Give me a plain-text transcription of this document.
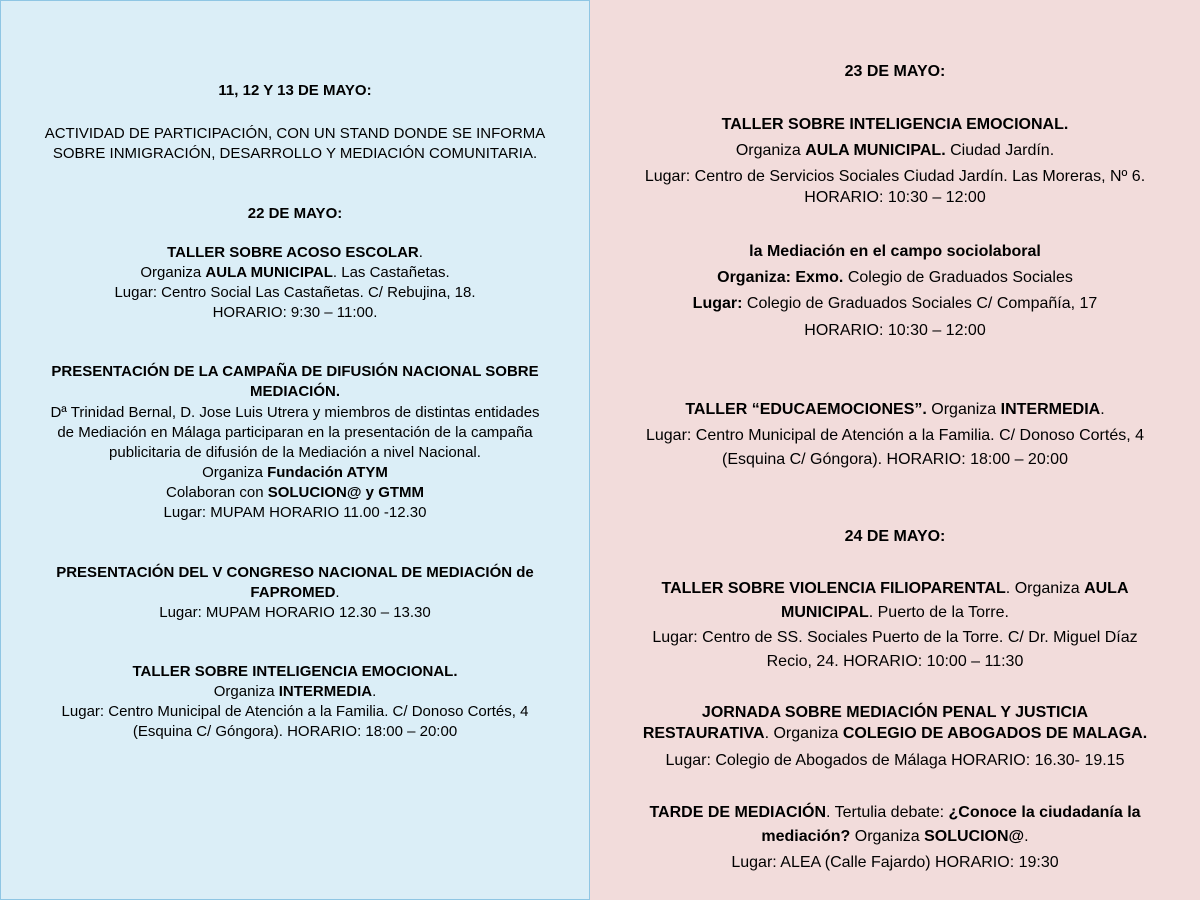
11, 12 Y 13 DE MAYO:
ACTIVIDAD DE PARTICIPACIÓN, CON UN STAND DONDE SE INFORMA
SOBRE INMIGRACIÓN, DESARROLLO Y MEDIACIÓN COMUNITARIA.
22 DE MAYO:
TALLER SOBRE ACOSO ESCOLAR.
Organiza AULA MUNICIPAL. Las Castañetas.
Lugar: Centro Social Las Castañetas. C/ Rebujina, 18.
HORARIO: 9:30 – 11:00.
PRESENTACIÓN DE LA CAMPAÑA DE DIFUSIÓN NACIONAL SOBRE
MEDIACIÓN.
Dª Trinidad Bernal, D. Jose Luis Utrera y miembros de distintas entidades
de Mediación en Málaga participaran en la presentación de la campaña
publicitaria de difusión de la Mediación a nivel Nacional.
Organiza Fundación ATYM
Colaboran con SOLUCION@ y GTMM
Lugar: MUPAM HORARIO 11.00 -12.30
PRESENTACIÓN DEL V CONGRESO NACIONAL DE MEDIACIÓN de
FAPROMED.
Lugar: MUPAM HORARIO 12.30 – 13.30
TALLER SOBRE INTELIGENCIA EMOCIONAL.
Organiza INTERMEDIA.
Lugar: Centro Municipal de Atención a la Familia. C/ Donoso Cortés, 4
(Esquina C/ Góngora). HORARIO: 18:00 – 20:00
23 DE MAYO:
TALLER SOBRE INTELIGENCIA EMOCIONAL.
Organiza AULA MUNICIPAL. Ciudad Jardín.
Lugar: Centro de Servicios Sociales Ciudad Jardín. Las Moreras, Nº 6.
HORARIO: 10:30 – 12:00
la Mediación en el campo sociolaboral
Organiza: Exmo. Colegio de Graduados Sociales
Lugar: Colegio de Graduados Sociales C/ Compañía, 17
HORARIO: 10:30 – 12:00
TALLER “EDUCAEMOCIONES”. Organiza INTERMEDIA.
Lugar: Centro Municipal de Atención a la Familia. C/ Donoso Cortés, 4
(Esquina C/ Góngora). HORARIO: 18:00 – 20:00
24 DE MAYO:
TALLER SOBRE VIOLENCIA FILIOPARENTAL. Organiza AULA
MUNICIPAL. Puerto de la Torre.
Lugar: Centro de SS. Sociales Puerto de la Torre. C/ Dr. Miguel Díaz
Recio, 24. HORARIO: 10:00 – 11:30
JORNADA SOBRE MEDIACIÓN PENAL Y JUSTICIA
RESTAURATIVA. Organiza COLEGIO DE ABOGADOS DE MALAGA.
Lugar: Colegio de Abogados de Málaga HORARIO: 16.30- 19.15
TARDE DE MEDIACIÓN. Tertulia debate: ¿Conoce la ciudadanía la
mediación? Organiza SOLUCION@.
Lugar: ALEA (Calle Fajardo) HORARIO: 19:30
